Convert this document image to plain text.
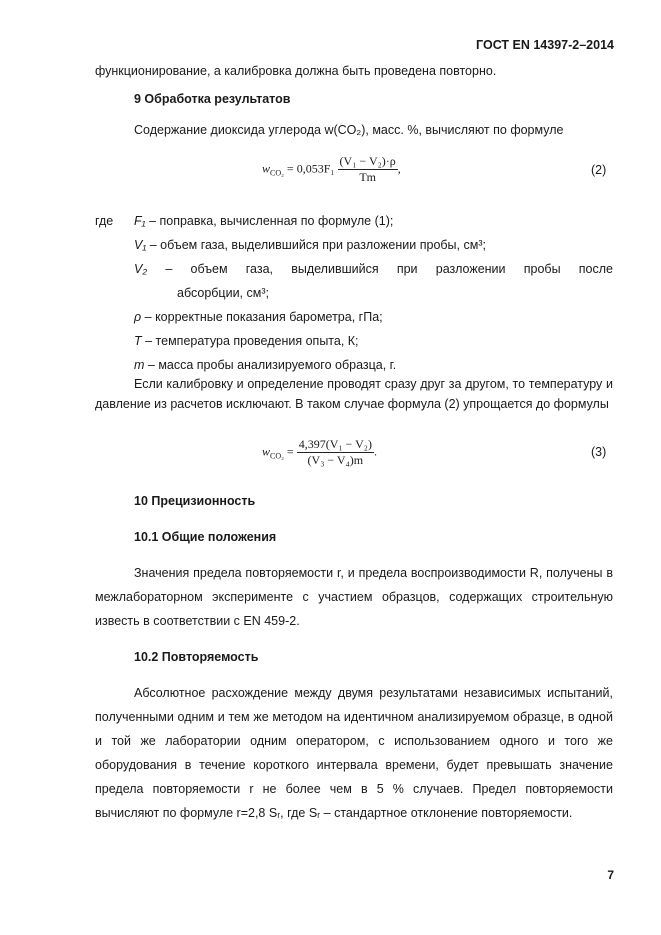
ГОСТ EN 14397-2–2014
функционирование, а калибровка должна быть проведена повторно.
9 Обработка результатов
Содержание диоксида углерода w(CO₂), масс. %, вычисляют по формуле
$w_{CO_2} = 0,053F_1 \frac{\text{(V₁ − V₂)·ρ}}{Tm}$ ,	(2)
где F₁ – поправка, вычисленная по формуле (1);
V₁ – объем газа, выделившийся при разложении пробы, см³;
V₂ – объем газа, выделившийся при разложении пробы после
абсорбции, см³;
ρ – корректные показания барометра, гПа;
T – температура проведения опыта, К;
m – масса пробы анализируемого образца, г.
Если калибровку и определение проводят сразу друг за другом, то температуру и давление из расчетов исключают. В таком случае формула (2) упрощается до формулы
$w_{CO_2} = \frac{\text{4,397(V₁ − V₂)}}{\text{(V₃ − V₄)m}}$ .	(3)
10 Прецизионность
10.1 Общие положения
Значения предела повторяемости r, и предела воспроизводимости R, получены в межлабораторном эксперименте с участием образцов, содержащих строительную известь в соответствии с EN 459-2.
10.2 Повторяемость
Абсолютное расхождение между двумя результатами независимых испытаний, полученными одним и тем же методом на идентичном анализируемом образце, в одной и той же лаборатории одним оператором, с использованием одного и того же оборудования в течение короткого интервала времени, будет превышать значение предела повторяемости r не более чем в 5 % случаев. Предел повторяемости вычисляют по формуле r=2,8 Sᵣ, где Sᵣ – стандартное отклонение повторяемости.
7
